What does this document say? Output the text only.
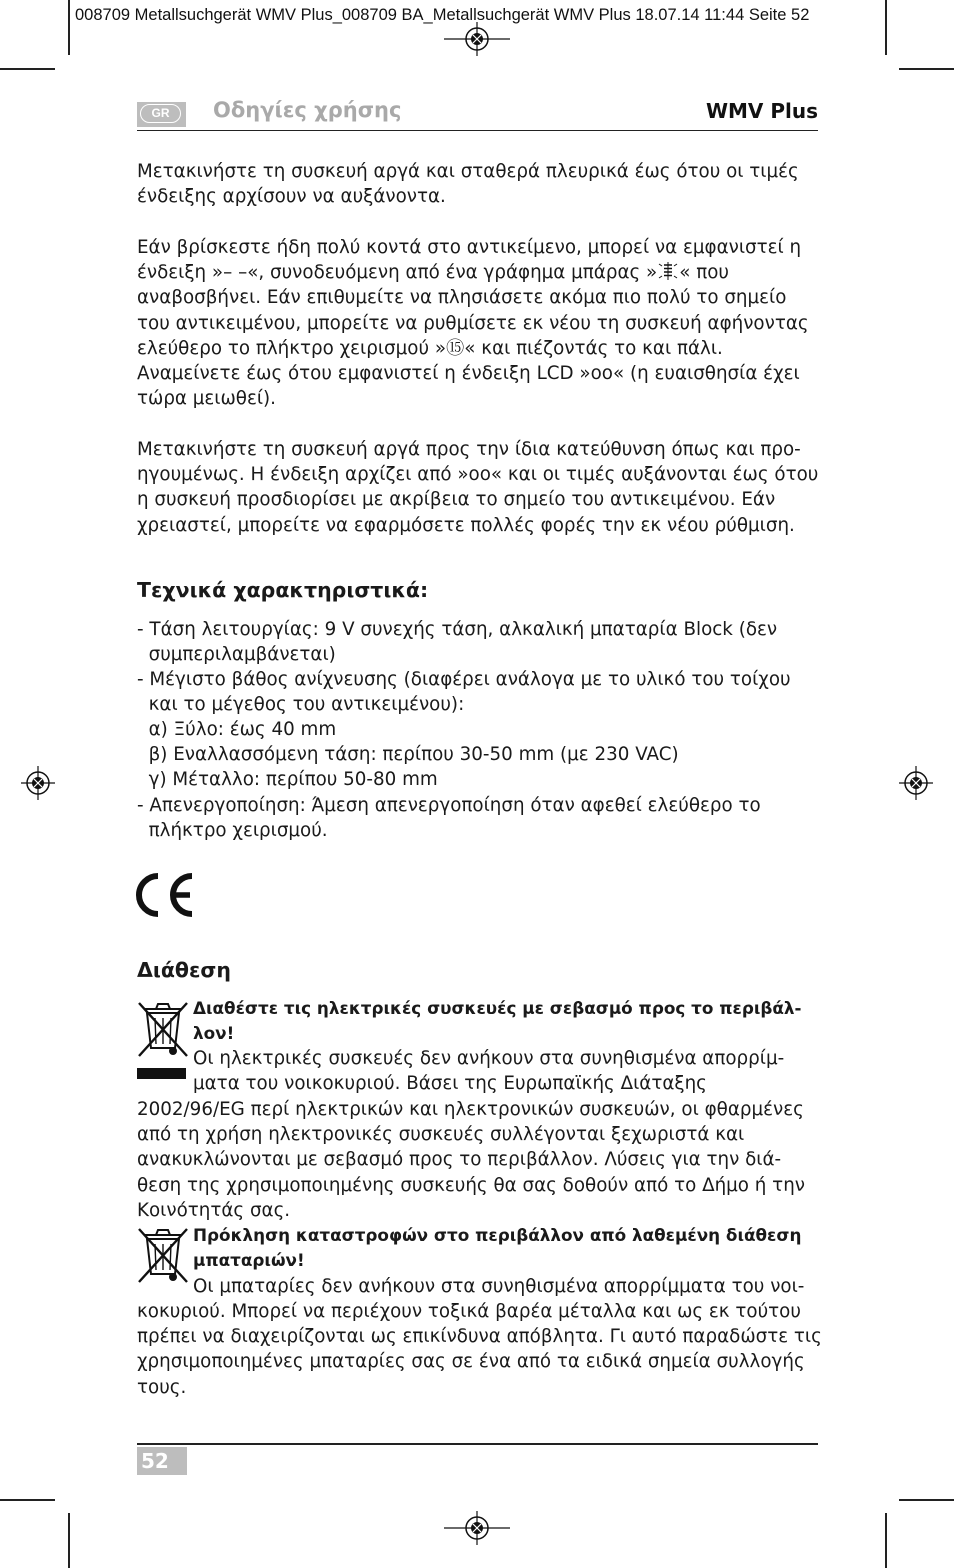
008709 Metallsuchgerät WMV Plus_008709 BA_Metallsuchgerät WMV Plus 18.07.14 11:44 Seite 52
GR	Οδηγίες χρήσης	WMV Plus

Μετακινήστε τη συσκευή αργά και σταθερά πλευρικά έως ότου οι τιμές
ένδειξης αρχίσουν να αυξάνοντα.

Εάν βρίσκεστε ήδη πολύ κοντά στο αντικείμενο, μπορεί να εμφανιστεί η
ένδειξη »– –«, συνοδευόμενη από ένα γράφημα μπάρας » « που
αναβοσβήνει. Εάν επιθυμείτε να πλησιάσετε ακόμα πιο πολύ το σημείο
του αντικειμένου, μπορείτε να ρυθμίσετε εκ νέου τη συσκευή αφήνοντας
ελεύθερο το πλήκτρο χειρισμού »⑮« και πιέζοντάς το και πάλι.
Αναμείνετε έως ότου εμφανιστεί η ένδειξη LCD »oo« (η ευαισθησία έχει
τώρα μειωθεί).

Μετακινήστε τη συσκευή αργά προς την ίδια κατεύθυνση όπως και προ-
ηγουμένως. Η ένδειξη αρχίζει από »oo« και οι τιμές αυξάνονται έως ότου
η συσκευή προσδιορίσει με ακρίβεια το σημείο του αντικειμένου. Εάν
χρειαστεί, μπορείτε να εφαρμόσετε πολλές φορές την εκ νέου ρύθμιση.

Τεχνικά χαρακτηριστικά:

- Τάση λειτουργίας: 9 V συνεχής τάση, αλκαλική μπαταρία Block (δεν

συμπεριλαμβάνεται)

- Μέγιστο βάθος ανίχνευσης (διαφέρει ανάλογα με το υλικό του τοίχου

και το μέγεθος του αντικειμένου):

α) Ξύλο: έως 40 mm

β) Εναλλασσόμενη τάση: περίπου 30-50 mm (με 230 VAC)

γ) Μέταλλο: περίπου 50-80 mm

- Απενεργοποίηση: Άμεση απενεργοποίηση όταν αφεθεί ελεύθερο το

πλήκτρο χειρισμού.

Διάθεση

Διαθέστε τις ηλεκτρικές συσκευές με σεβασμό προς το περιβάλ-

λον!

Οι ηλεκτρικές συσκευές δεν ανήκουν στα συνηθισμένα απορρίμ-

ματα του νοικοκυριού. Βάσει της Ευρωπαϊκής Διάταξης

2002/96/EG περί ηλεκτρικών και ηλεκτρονικών συσκευών, οι φθαρμένες
από τη χρήση ηλεκτρονικές συσκευές συλλέγονται ξεχωριστά και
ανακυκλώνονται με σεβασμό προς το περιβάλλον. Λύσεις για την διά-
θεση της χρησιμοποιημένης συσκευής θα σας δοθούν από το Δήμο ή την
Κοινότητάς σας.

Πρόκληση καταστροφών στο περιβάλλον από λαθεμένη διάθεση

μπαταριών!

Οι μπαταρίες δεν ανήκουν στα συνηθισμένα απορρίμματα του νοι-

κοκυριού. Μπορεί να περιέχουν τοξικά βαρέα μέταλλα και ως εκ τούτου
πρέπει να διαχειρίζονται ως επικίνδυνα απόβλητα. Γι αυτό παραδώστε τις
χρησιμοποιημένες μπαταρίες σας σε ένα από τα ειδικά σημεία συλλογής
τους.

52
